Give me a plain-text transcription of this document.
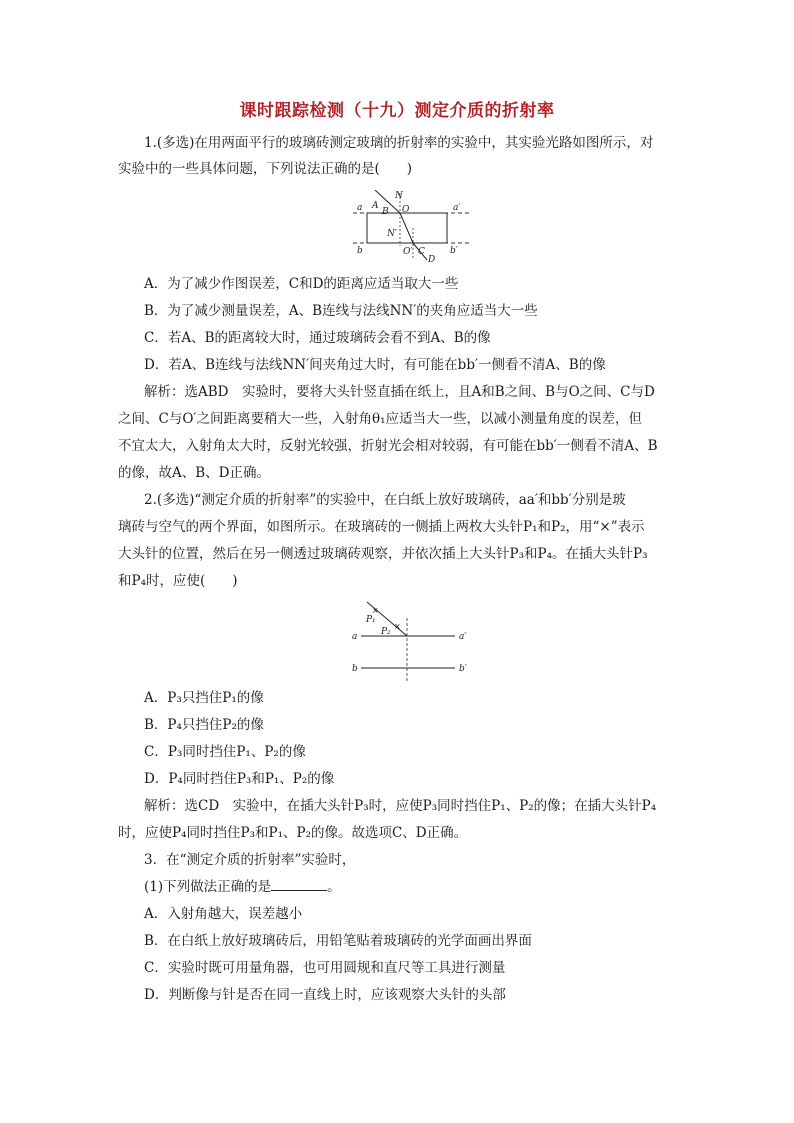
课时跟踪检测（十九）测定介质的折射率
1.(多选)在用两面平行的玻璃砖测定玻璃的折射率的实验中，其实验光路如图所示，对
实验中的一些具体问题，下列说法正确的是(　　)
a	a′
b	b′
A
B
N
O
N′
O′ C
D
A．为了减少作图误差，C和D的距离应适当取大一些
B．为了减少测量误差，A、B连线与法线NN′的夹角应适当大一些
C．若A、B的距离较大时，通过玻璃砖会看不到A、B的像
D．若A、B连线与法线NN′间夹角过大时，有可能在bb′一侧看不清A、B的像
解析：选ABD　实验时，要将大头针竖直插在纸上，且A和B之间、B与O之间、C与D
之间、C与O′之间距离要稍大一些，入射角θ₁应适当大一些，以减小测量角度的误差，但
不宜太大，入射角太大时，反射光较强，折射光会相对较弱，有可能在bb′一侧看不清A、B
的像，故A、B、D正确。
2.(多选)“测定介质的折射率”的实验中，在白纸上放好玻璃砖，aa′和bb′分别是玻
璃砖与空气的两个界面，如图所示。在玻璃砖的一侧插上两枚大头针P₁和P₂，用“×”表示
大头针的位置，然后在另一侧透过玻璃砖观察，并依次插上大头针P₃和P₄。在插大头针P₃
和P₄时，应使(　　)
×
×
P₁
P₂
a	a′
b	b′
A．P₃只挡住P₁的像
B．P₄只挡住P₂的像
C．P₃同时挡住P₁、P₂的像
D．P₄同时挡住P₃和P₁、P₂的像
解析：选CD　实验中，在插大头针P₃时，应使P₃同时挡住P₁、P₂的像；在插大头针P₄
时，应使P₄同时挡住P₃和P₁、P₂的像。故选项C、D正确。
3．在“测定介质的折射率”实验时，
(1)下列做法正确的是	。
A．入射角越大，误差越小
B．在白纸上放好玻璃砖后，用铅笔贴着玻璃砖的光学面画出界面
C．实验时既可用量角器，也可用圆规和直尺等工具进行测量
D．判断像与针是否在同一直线上时，应该观察大头针的头部
